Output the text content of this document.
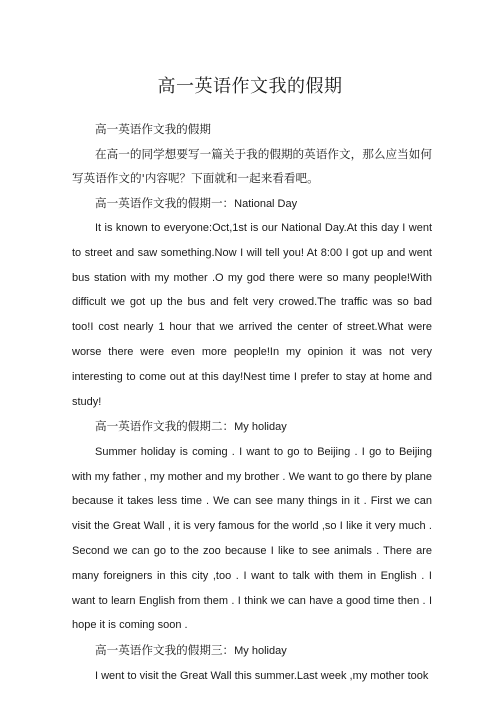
高一英语作文我的假期

高一英语作文我的假期

在高一的同学想要写一篇关于我的假期的英语作文，那么应当如何写英语作文的'内容呢？下面就和一起来看看吧。

高一英语作文我的假期一：National Day

It is known to everyone:Oct,1st is our National Day.At this day I went to street and saw something.Now I will tell you! At 8:00 I got up and went bus station with my mother .O my god there were so many people!With difficult we got up the bus and felt very crowed.The traffic was so bad too!I cost nearly 1 hour that we arrived the center of street.What were worse there were even more people!In my opinion it was not very interesting to come out at this day!Nest time I prefer to stay at home and study!

高一英语作文我的假期二：My holiday

Summer holiday is coming . I want to go to Beijing . I go to Beijing with my father , my mother and my brother . We want to go there by plane because it takes less time . We can see many things in it . First we can visit the Great Wall , it is very famous for the world ,so I like it very much . Second we can go to the zoo because I like to see animals . There are many foreigners in this city ,too . I want to talk with them in English . I want to learn English from them . I think we can have a good time then . I hope it is coming soon .

高一英语作文我的假期三：My holiday

I went to visit the Great Wall this summer.Last week ,my mother took
